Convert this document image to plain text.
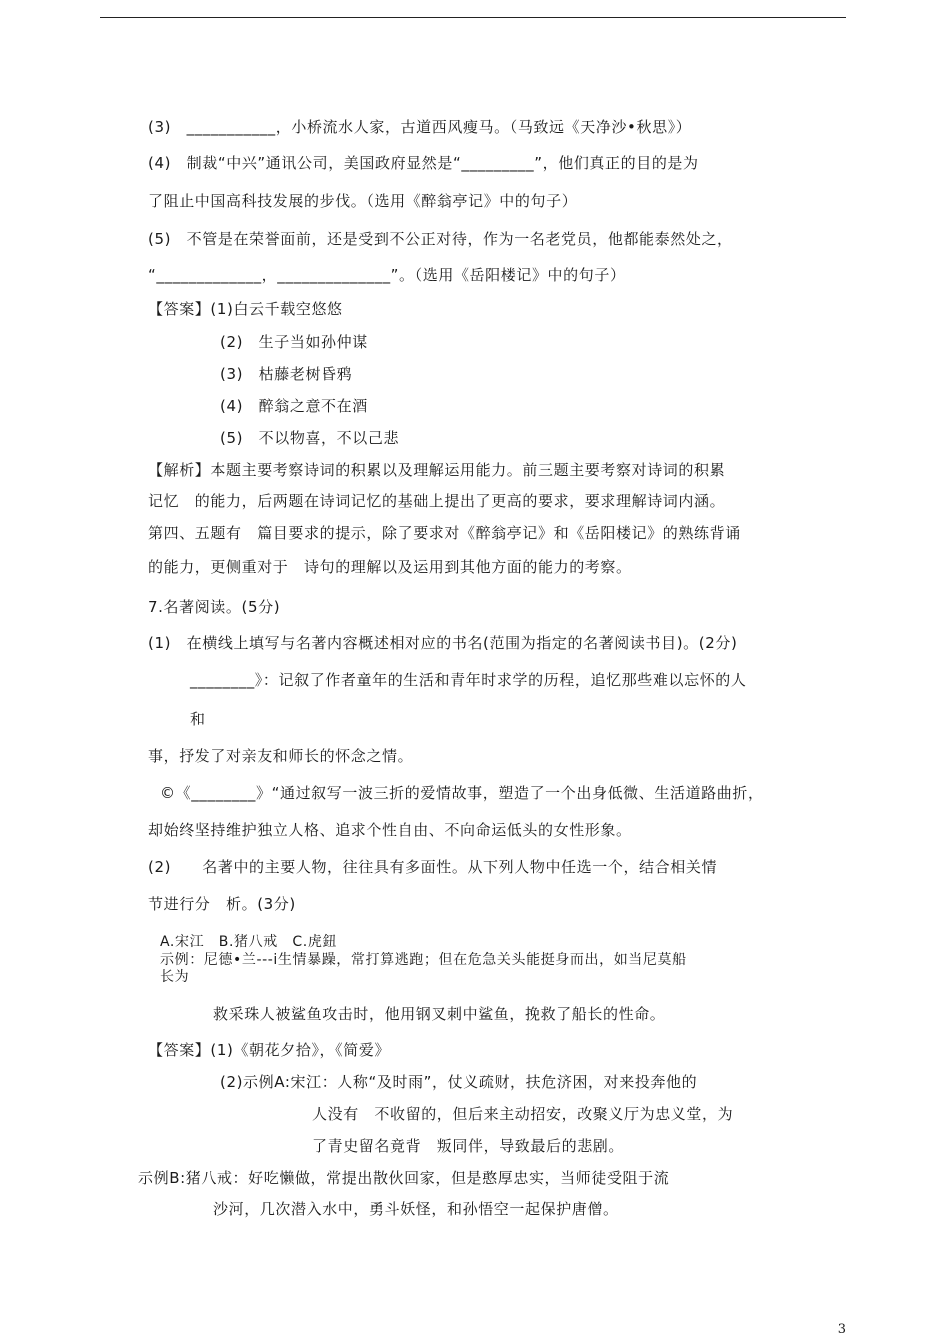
(3)　___________，小桥流水人家，古道西风瘦马。（马致远《天净沙•秋思》）
(4)　制裁“中兴”通讯公司，美国政府显然是“_________”，他们真正的目的是为
了阻止中国高科技发展的步伐。（选用《醉翁亭记》中的句子）
(5)　不管是在荣誉面前，还是受到不公正对待，作为一名老党员，他都能泰然处之，
“_____________，______________”。（选用《岳阳楼记》中的句子）
【答案】(1)白云千载空悠悠
(2)　生子当如孙仲谋
(3)　枯藤老树昏鸦
(4)　醉翁之意不在酒
(5)　不以物喜，不以己悲
【解析】本题主要考察诗词的积累以及理解运用能力。前三题主要考察对诗词的积累
记忆　的能力，后两题在诗词记忆的基础上提出了更高的要求，要求理解诗词内涵。
第四、五题有　篇目要求的提示，除了要求对《醉翁亭记》和《岳阳楼记》的熟练背诵
的能力，更侧重对于　诗句的理解以及运用到其他方面的能力的考察。
7.名著阅读。(5分)
(1)　在横线上填写与名著内容概述相对应的书名(范围为指定的名著阅读书目)。(2分)
________》：记叙了作者童年的生活和青年时求学的历程，追忆那些难以忘怀的人
和
事，抒发了对亲友和师长的怀念之情。
©《________》“通过叙写一波三折的爱情故事，塑造了一个出身低微、生活道路曲折，
却始终坚持维护独立人格、追求个性自由、不向命运低头的女性形象。
(2)　　名著中的主要人物，往往具有多面性。从下列人物中任选一个，结合相关情
节进行分　析。(3分)
A.宋江　B.猪八戒　C.虎鈕
示例：尼德•兰---i生情暴躁，常打算逃跑；但在危急关头能挺身而出，如当尼莫船
长为
救采珠人被鲨鱼攻击时，他用钢叉刺中鲨鱼，挽救了船长的性命。
【答案】(1)《朝花夕拾》，《简爱》
(2)示例A:宋江：人称“及时雨”，仗义疏财，扶危济困，对来投奔他的
人没有　不收留的，但后来主动招安，改聚义厅为忠义堂，为
了青史留名竟背　叛同伴，导致最后的悲剧。
示例B:猪八戒：好吃懒做，常提出散伙回家，但是憨厚忠实，当师徒受阻于流
沙河，几次潜入水中，勇斗妖怪，和孙悟空一起保护唐僧。
3
